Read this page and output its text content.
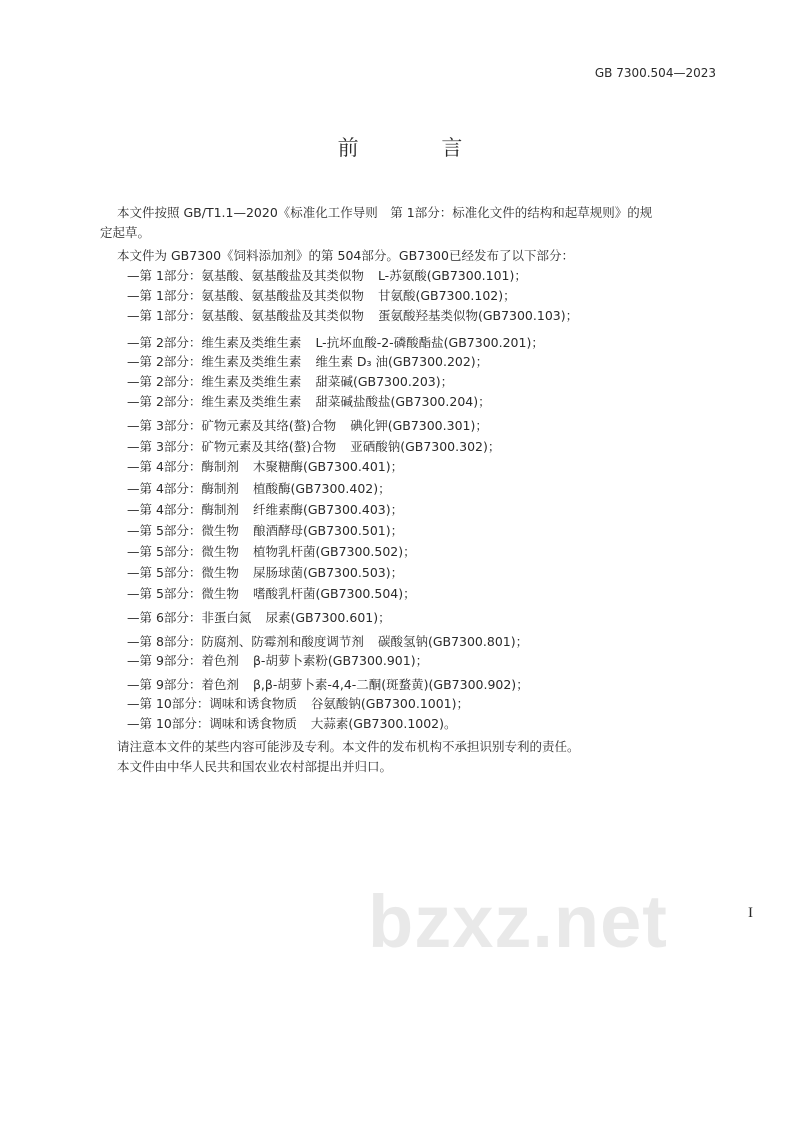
GB 7300.504—2023
前 言
本文件按照 GB/T1.1—2020《标准化工作导则　第 1部分：标准化文件的结构和起草规则》的规
定起草。
本文件为 GB7300《饲料添加剂》的第 504部分。GB7300已经发布了以下部分：
—第 1部分：氨基酸、氨基酸盐及其类似物 L-苏氨酸(GB7300.101)；
—第 1部分：氨基酸、氨基酸盐及其类似物 甘氨酸(GB7300.102)；
—第 1部分：氨基酸、氨基酸盐及其类似物 蛋氨酸羟基类似物(GB7300.103)；
—第 2部分：维生素及类维生素 L-抗坏血酸-2-磷酸酯盐(GB7300.201)；
—第 2部分：维生素及类维生素 维生素 D₃ 油(GB7300.202)；
—第 2部分：维生素及类维生素 甜菜碱(GB7300.203)；
—第 2部分：维生素及类维生素 甜菜碱盐酸盐(GB7300.204)；
—第 3部分：矿物元素及其络(螯)合物 碘化钾(GB7300.301)；
—第 3部分：矿物元素及其络(螯)合物 亚硒酸钠(GB7300.302)；
—第 4部分：酶制剂 木聚糖酶(GB7300.401)；
—第 4部分：酶制剂 植酸酶(GB7300.402)；
—第 4部分：酶制剂 纤维素酶(GB7300.403)；
—第 5部分：微生物 酿酒酵母(GB7300.501)；
—第 5部分：微生物 植物乳杆菌(GB7300.502)；
—第 5部分：微生物 屎肠球菌(GB7300.503)；
—第 5部分：微生物 嗜酸乳杆菌(GB7300.504)；
—第 6部分：非蛋白氮 尿素(GB7300.601)；
—第 8部分：防腐剂、防霉剂和酸度调节剂 碳酸氢钠(GB7300.801)；
—第 9部分：着色剂 β-胡萝卜素粉(GB7300.901)；
—第 9部分：着色剂 β,β-胡萝卜素-4,4-二酮(斑蝥黄)(GB7300.902)；
—第 10部分：调味和诱食物质 谷氨酸钠(GB7300.1001)；
—第 10部分：调味和诱食物质 大蒜素(GB7300.1002)。
请注意本文件的某些内容可能涉及专利。本文件的发布机构不承担识别专利的责任。
本文件由中华人民共和国农业农村部提出并归口。
bzxz.net	I
